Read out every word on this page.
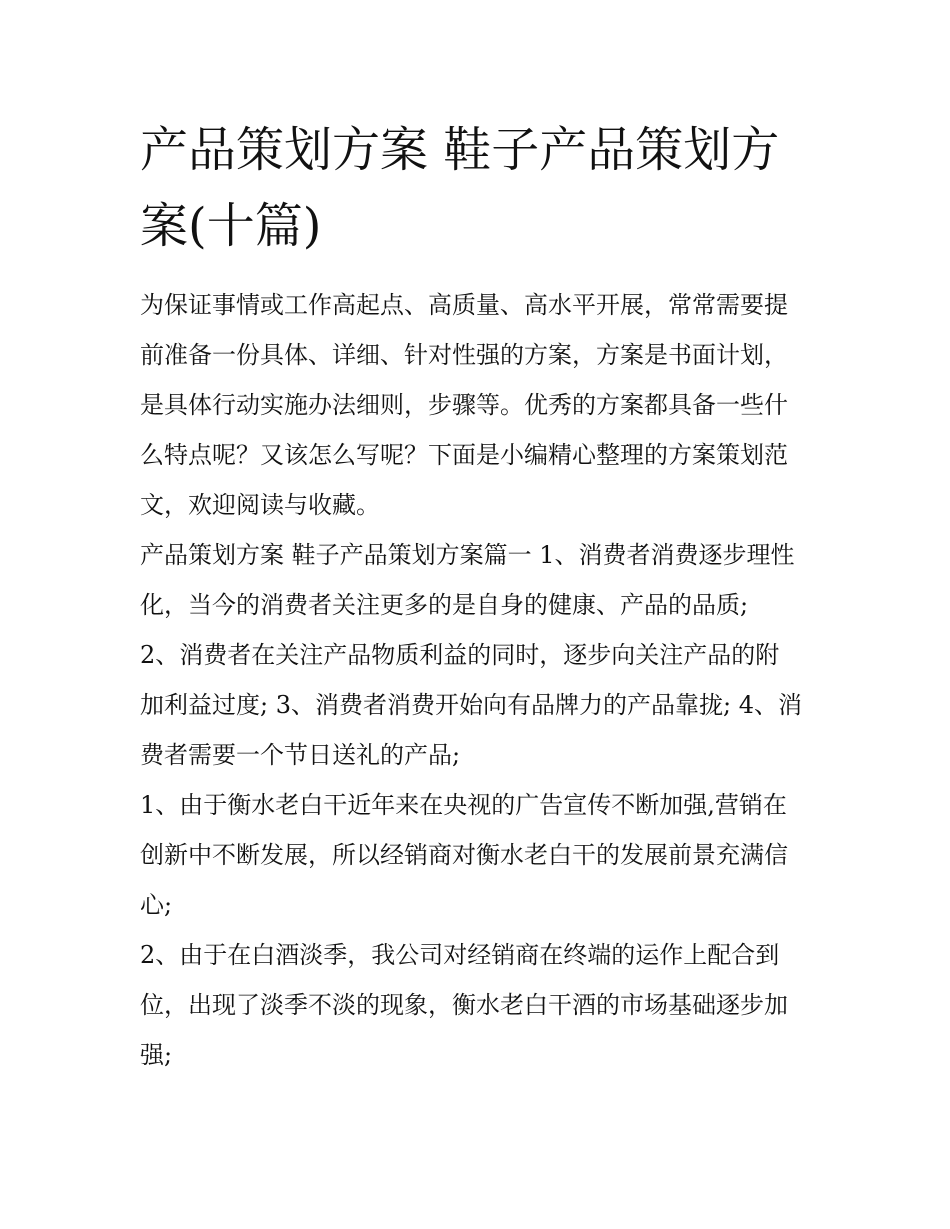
产品策划方案 鞋子产品策划方
案(十篇)

为保证事情或工作高起点、高质量、高水平开展，常常需要提
前准备一份具体、详细、针对性强的方案，方案是书面计划，
是具体行动实施办法细则，步骤等。优秀的方案都具备一些什
么特点呢？又该怎么写呢？下面是小编精心整理的方案策划范
文，欢迎阅读与收藏。

产品策划方案 鞋子产品策划方案篇一 1、消费者消费逐步理性
化，当今的消费者关注更多的是自身的健康、产品的品质;

2、消费者在关注产品物质利益的同时，逐步向关注产品的附
加利益过度; 3、消费者消费开始向有品牌力的产品靠拢; 4、消
费者需要一个节日送礼的产品;

1、由于衡水老白干近年来在央视的广告宣传不断加强,营销在
创新中不断发展，所以经销商对衡水老白干的发展前景充满信
心;

2、由于在白酒淡季，我公司对经销商在终端的运作上配合到
位，出现了淡季不淡的现象，衡水老白干酒的市场基础逐步加
强;
